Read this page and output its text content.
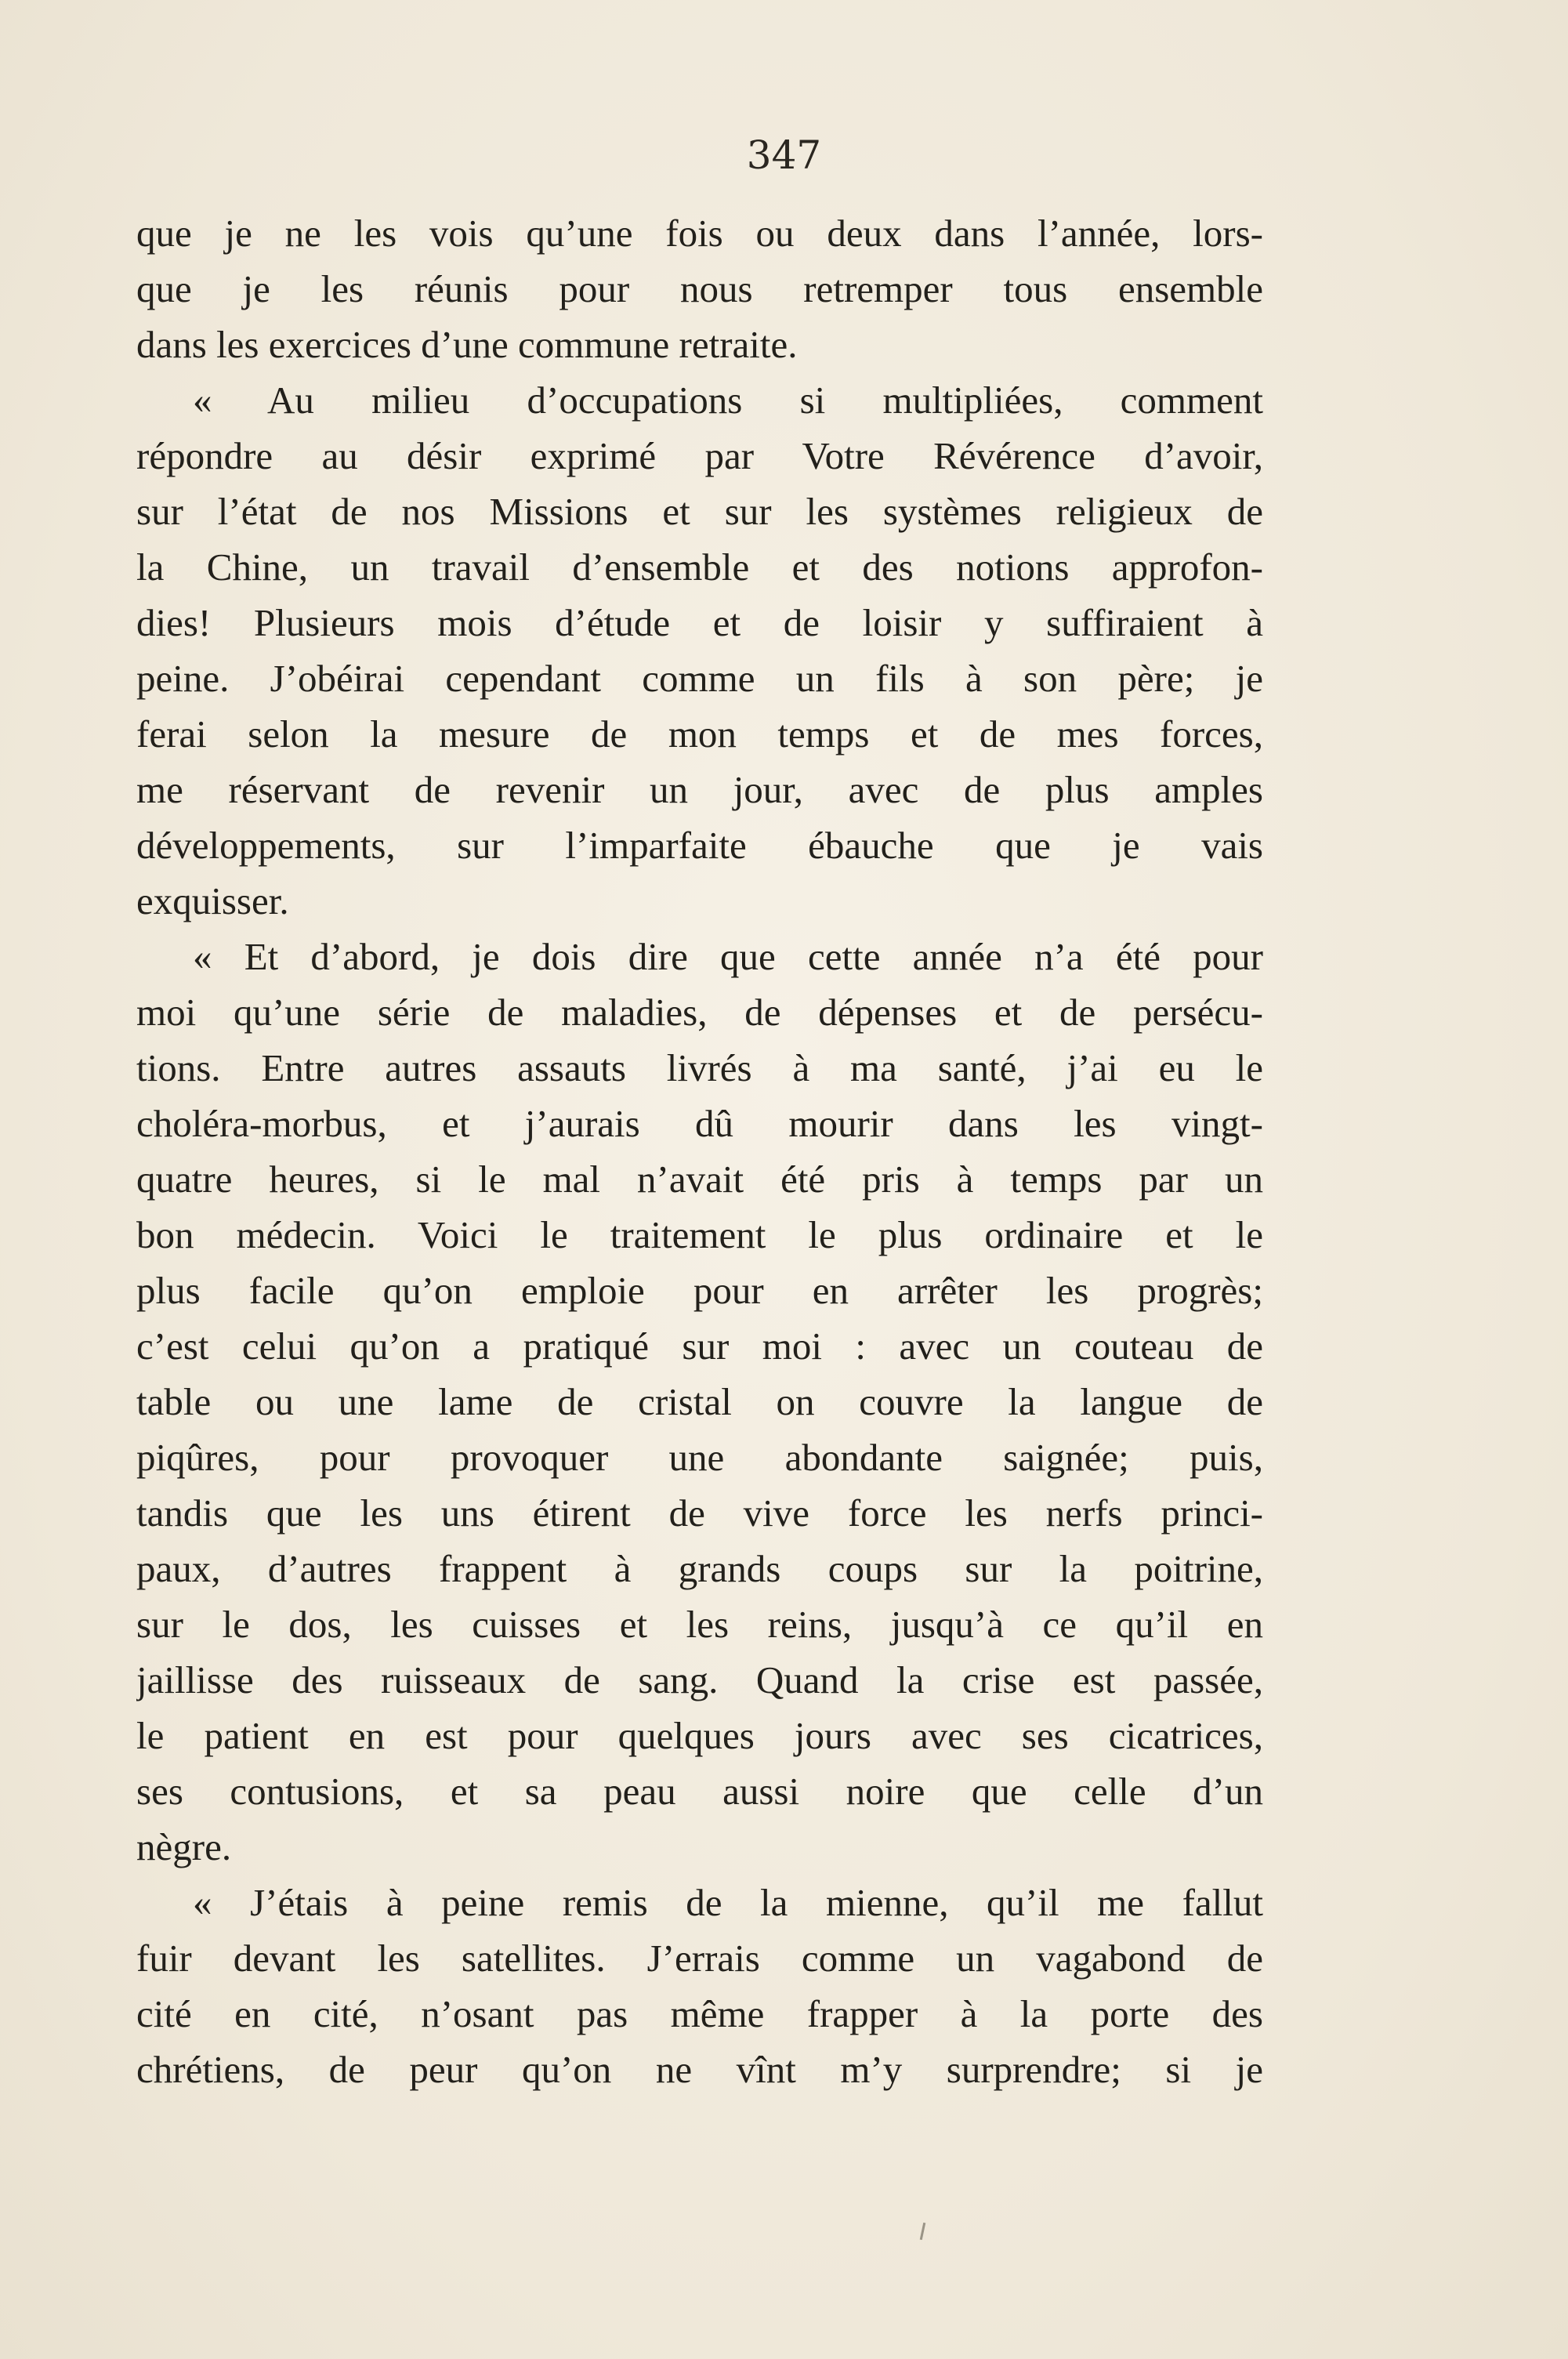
347
que je ne les vois qu’une fois ou deux dans l’année, lors-
que je les réunis pour nous retremper tous ensemble
dans les exercices d’une commune retraite.
« Au milieu d’occupations si multipliées, comment
répondre au désir exprimé par Votre Révérence d’avoir,
sur l’état de nos Missions et sur les systèmes religieux de
la Chine, un travail d’ensemble et des notions approfon-
dies! Plusieurs mois d’étude et de loisir y suffiraient à
peine. J’obéirai cependant comme un fils à son père; je
ferai selon la mesure de mon temps et de mes forces,
me réservant de revenir un jour, avec de plus amples
développements, sur l’imparfaite ébauche que je vais
exquisser.
« Et d’abord, je dois dire que cette année n’a été pour
moi qu’une série de maladies, de dépenses et de persécu-
tions. Entre autres assauts livrés à ma santé, j’ai eu le
choléra-morbus, et j’aurais dû mourir dans les vingt-
quatre heures, si le mal n’avait été pris à temps par un
bon médecin. Voici le traitement le plus ordinaire et le
plus facile qu’on emploie pour en arrêter les progrès;
c’est celui qu’on a pratiqué sur moi : avec un couteau de
table ou une lame de cristal on couvre la langue de
piqûres, pour provoquer une abondante saignée; puis,
tandis que les uns étirent de vive force les nerfs princi-
paux, d’autres frappent à grands coups sur la poitrine,
sur le dos, les cuisses et les reins, jusqu’à ce qu’il en
jaillisse des ruisseaux de sang. Quand la crise est passée,
le patient en est pour quelques jours avec ses cicatrices,
ses contusions, et sa peau aussi noire que celle d’un
nègre.
« J’étais à peine remis de la mienne, qu’il me fallut
fuir devant les satellites. J’errais comme un vagabond de
cité en cité, n’osant pas même frapper à la porte des
chrétiens, de peur qu’on ne vînt m’y surprendre; si je
